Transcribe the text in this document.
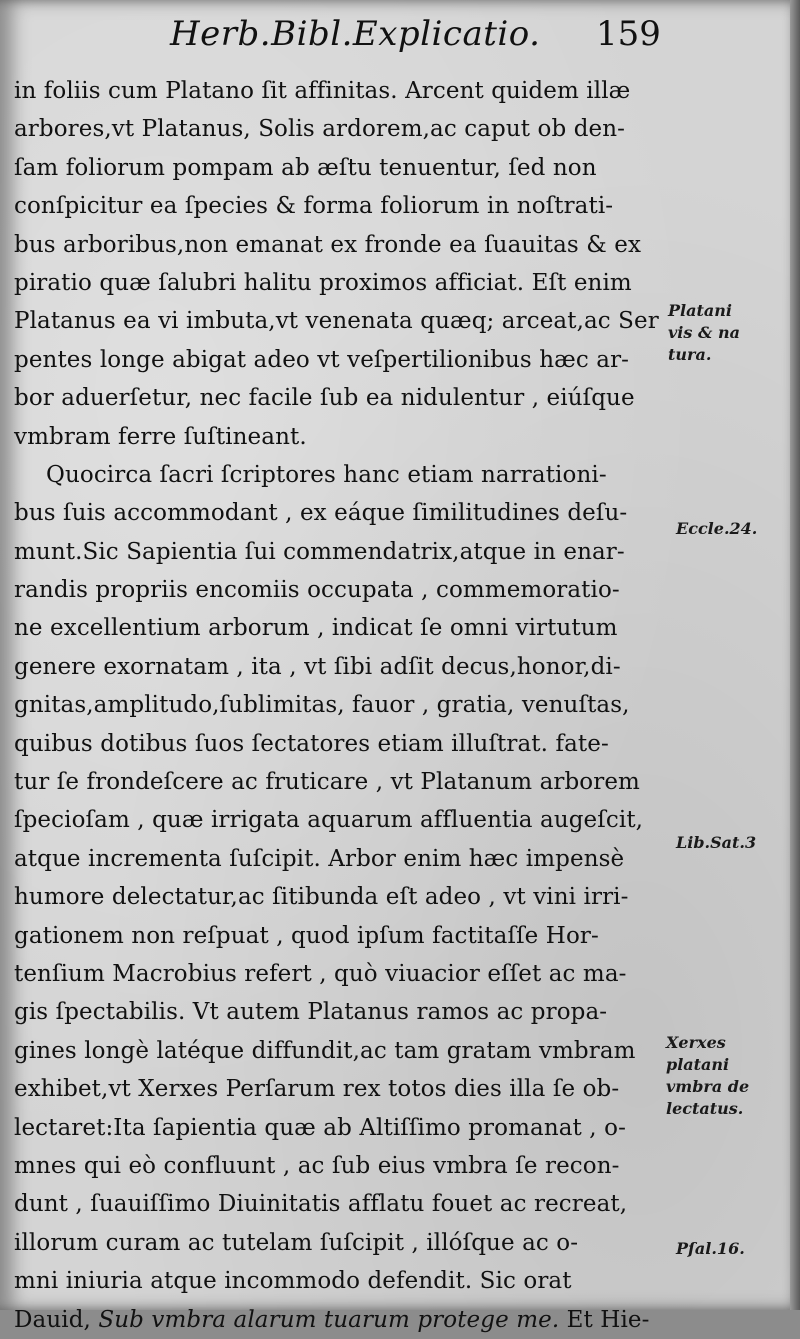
Herb.Bibl.Explicatio. 159
in foliis cum Platano ſit affinitas. Arcent quidem illæ
arbores,vt Platanus, Solis ardorem,ac caput ob den-
ſam foliorum pompam ab æſtu tenuentur, ſed non
conſpicitur ea ſpecies & forma foliorum in noſtrati-
bus arboribus,non emanat ex fronde ea ſuauitas & ex
piratio quæ ſalubri halitu proximos afficiat. Eſt enim
Platanus ea vi imbuta,vt venenata quæq; arceat,ac Ser
pentes longe abigat adeo vt veſpertilionibus hæc ar-
bor aduerſetur, nec facile ſub ea nidulentur , eiúſque
vmbram ferre ſuſtineant.
Quocirca ſacri ſcriptores hanc etiam narrationi-
bus ſuis accommodant , ex eáque ſimilitudines deſu-
munt.Sic Sapientia ſui commendatrix,atque in enar-
randis propriis encomiis occupata , commemoratio-
ne excellentium arborum , indicat ſe omni virtutum
genere exornatam , ita , vt ſibi adſit decus,honor,di-
gnitas,amplitudo,ſublimitas, fauor , gratia, venuſtas,
quibus dotibus ſuos ſectatores etiam illuſtrat. fate-
tur ſe frondeſcere ac fruticare , vt Platanum arborem
ſpecioſam , quæ irrigata aquarum affluentia augeſcit,
atque incrementa ſuſcipit. Arbor enim hæc impensè
humore delectatur,ac ſitibunda eſt adeo , vt vini irri-
gationem non reſpuat , quod ipſum factitaſſe Hor-
tenſium Macrobius refert , quò viuacior eſſet ac ma-
gis ſpectabilis. Vt autem Platanus ramos ac propa-
gines longè latéque diffundit,ac tam gratam vmbram
exhibet,vt Xerxes Perſarum rex totos dies illa ſe ob-
lectaret:Ita ſapientia quæ ab Altiſſimo promanat , o-
mnes qui eò confluunt , ac ſub eius vmbra ſe recon-
dunt , ſuauiſſimo Diuinitatis afflatu fouet ac recreat,
illorum curam ac tutelam ſuſcipit , illóſque ac o-
mni iniuria atque incommodo defendit. Sic orat
Dauid, Sub vmbra alarum tuarum protege me. Et Hie-
Platani
vis & na
tura.
Eccle.24.
Lib.Sat.3
Xerxes
platani
vmbra de
lectatus.
Pſal.16.
